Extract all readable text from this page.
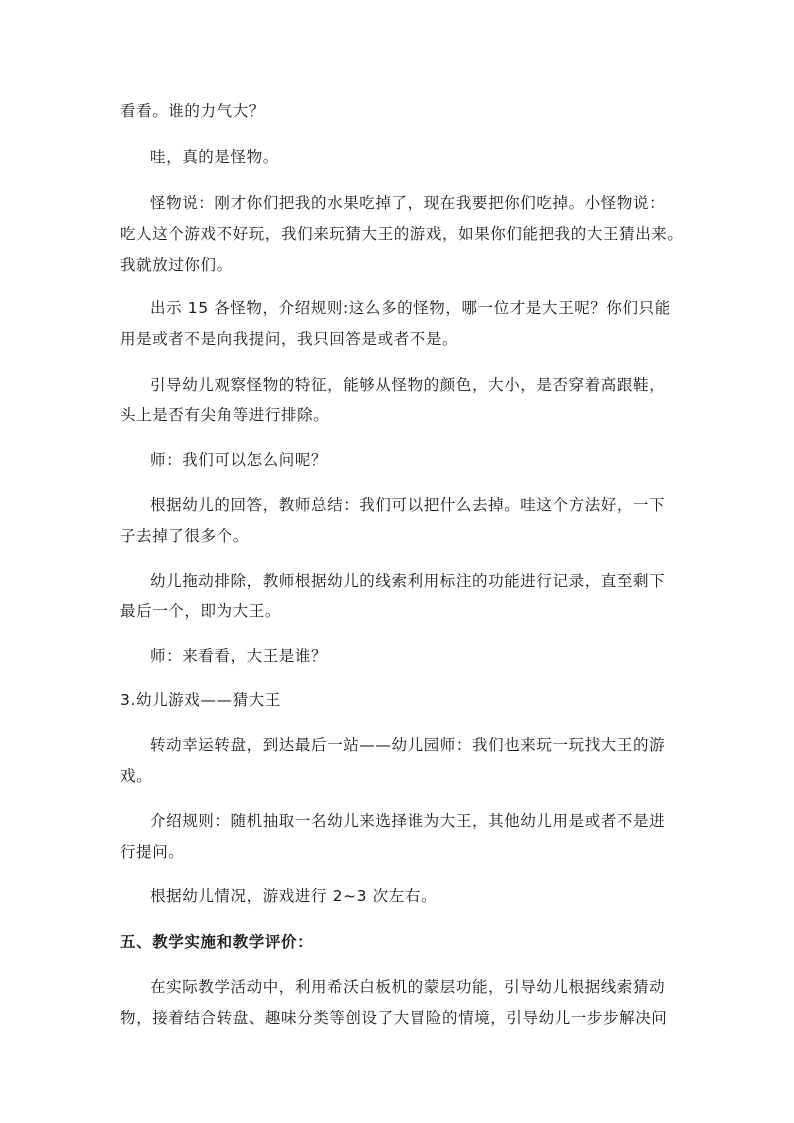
看看。谁的力气大？
哇，真的是怪物。
怪物说：刚才你们把我的水果吃掉了，现在我要把你们吃掉。小怪物说：
吃人这个游戏不好玩，我们来玩猜大王的游戏，如果你们能把我的大王猜出来。
我就放过你们。
出示 15 各怪物，介绍规则:这么多的怪物，哪一位才是大王呢？你们只能
用是或者不是向我提问，我只回答是或者不是。
引导幼儿观察怪物的特征，能够从怪物的颜色，大小，是否穿着高跟鞋，
头上是否有尖角等进行排除。
师：我们可以怎么问呢？
根据幼儿的回答，教师总结：我们可以把什么去掉。哇这个方法好，一下
子去掉了很多个。
幼儿拖动排除，教师根据幼儿的线索利用标注的功能进行记录，直至剩下
最后一个，即为大王。
师：来看看，大王是谁？
3.幼儿游戏——猜大王
转动幸运转盘，到达最后一站——幼儿园师：我们也来玩一玩找大王的游
戏。
介绍规则：随机抽取一名幼儿来选择谁为大王，其他幼儿用是或者不是进
行提问。
根据幼儿情况，游戏进行 2~3 次左右。
五、教学实施和教学评价：
在实际教学活动中，利用希沃白板机的蒙层功能，引导幼儿根据线索猜动
物，接着结合转盘、趣味分类等创设了大冒险的情境，引导幼儿一步步解决问
